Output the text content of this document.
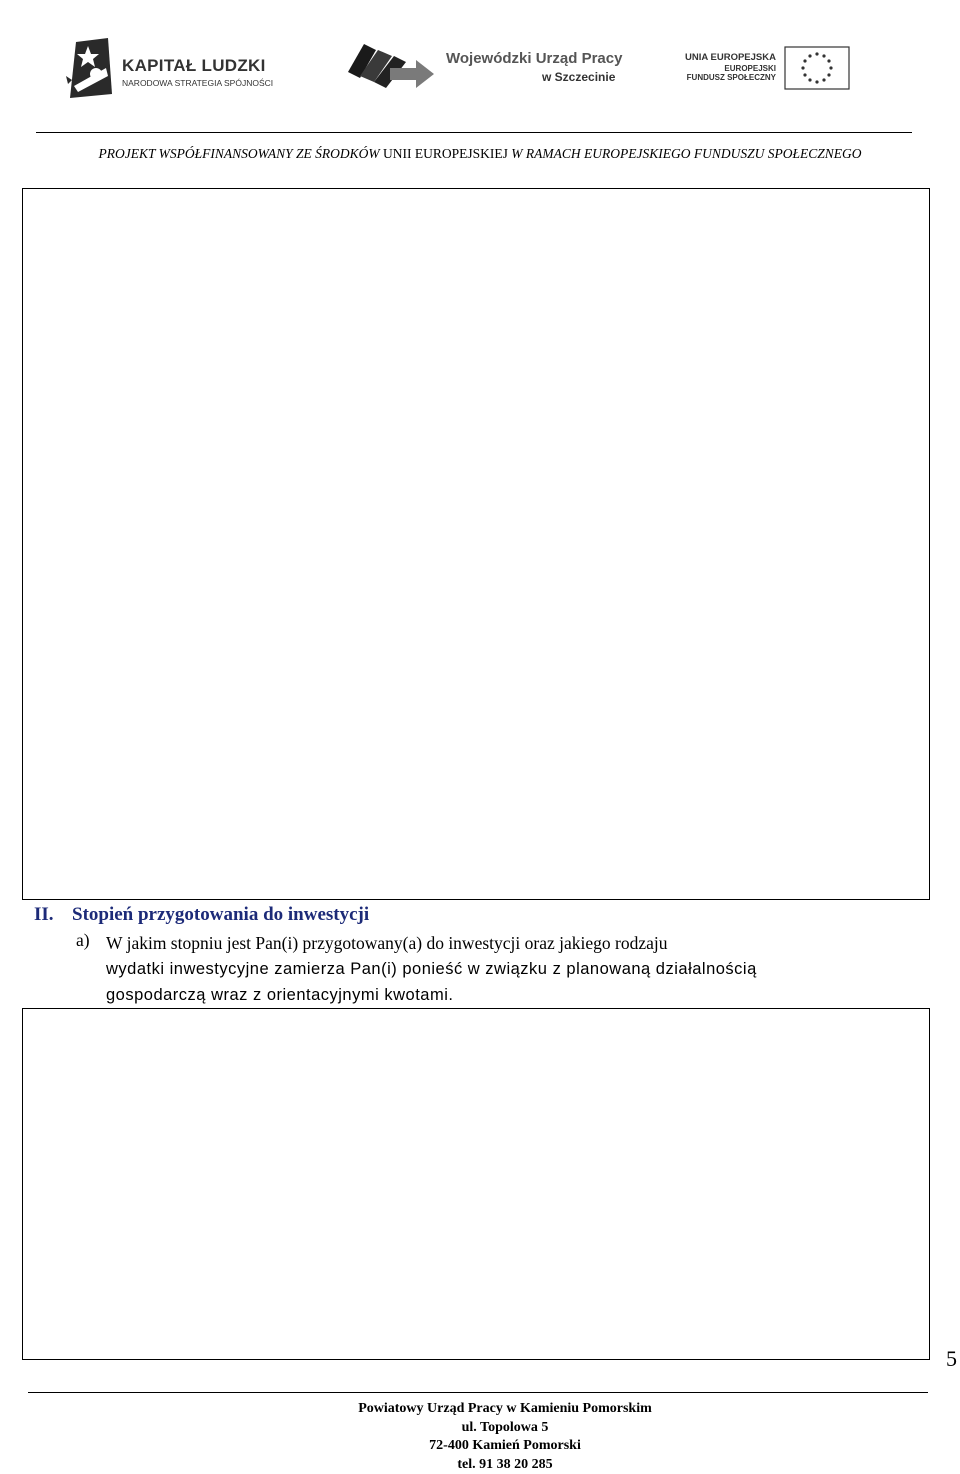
KAPITAŁ LUDZKI
NARODOWA STRATEGIA SPÓJNOŚCI
Wojewódzki Urząd Pracy
w Szczecinie
UNIA EUROPEJSKA
EUROPEJSKI
FUNDUSZ SPOŁECZNY
PROJEKT WSPÓŁFINANSOWANY ZE ŚRODKÓW UNII EUROPEJSKIEJ W RAMACH EUROPEJSKIEGO FUNDUSZU SPOŁECZNEGO
II. Stopień przygotowania do inwestycji
a) W jakim stopniu jest Pan(i) przygotowany(a) do inwestycji oraz jakiego rodzaju
wydatki inwestycyjne zamierza Pan(i) ponieść w związku z planowaną działalnością
gospodarczą wraz z orientacyjnymi kwotami.
5
Powiatowy Urząd Pracy w Kamieniu Pomorskim
ul. Topolowa 5
72-400 Kamień Pomorski
tel. 91 38 20 285
